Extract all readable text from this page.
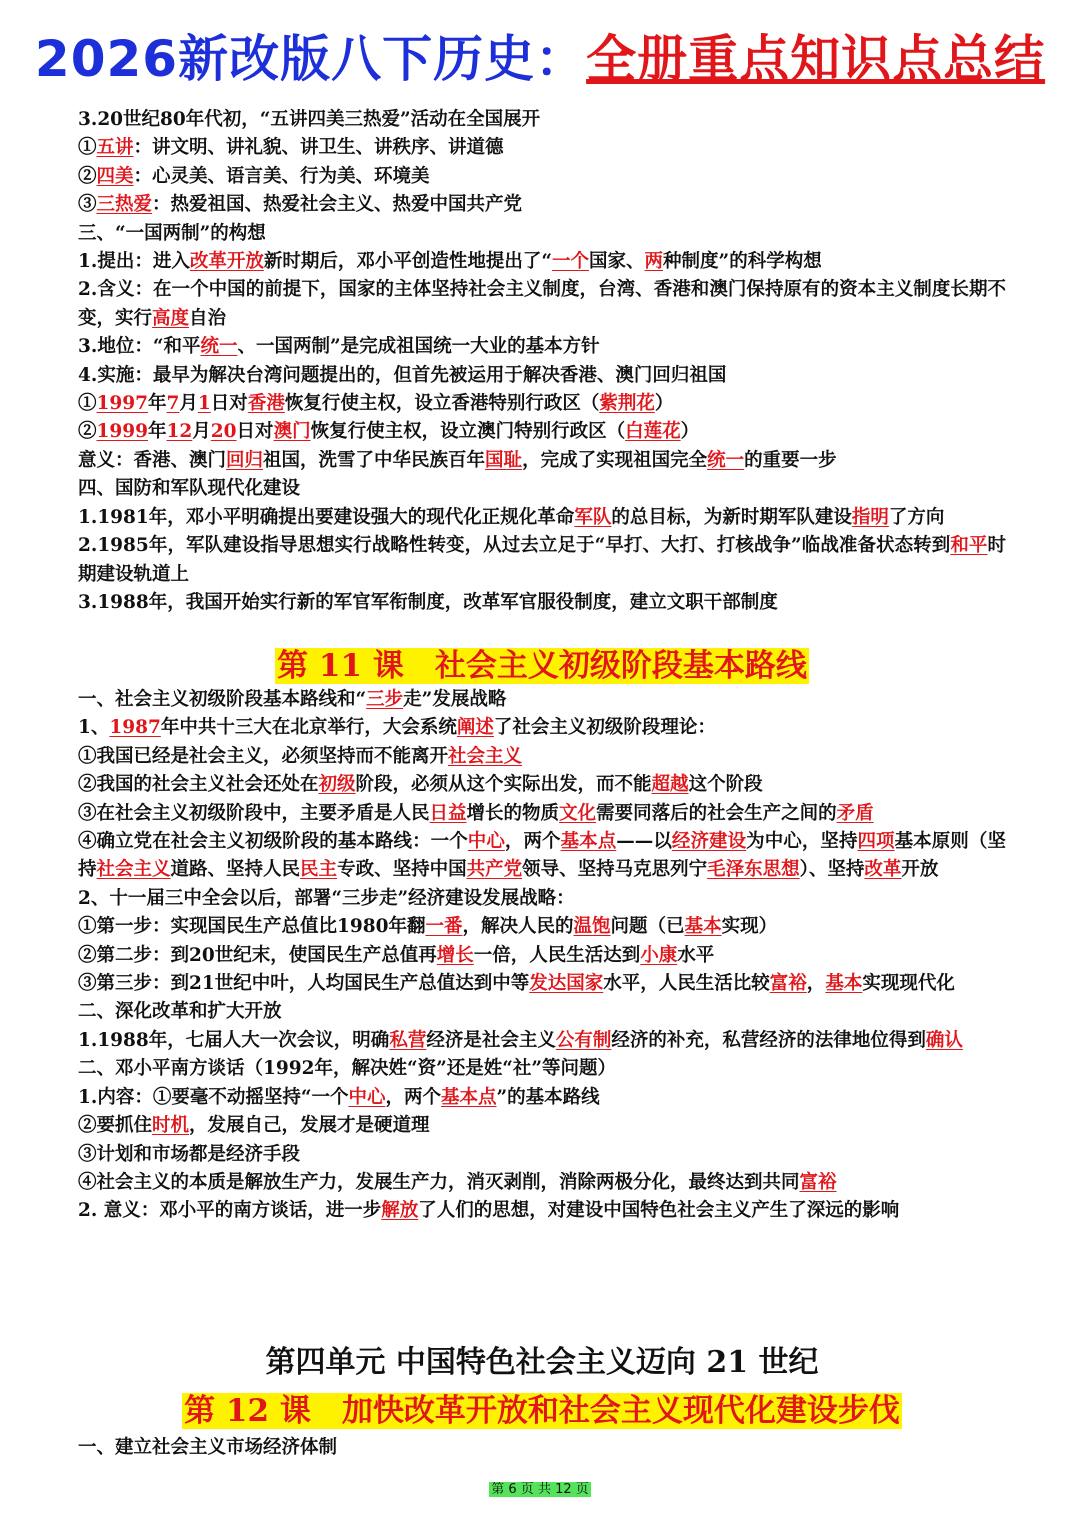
2026新改版八下历史：全册重点知识点总结

3.20世纪80年代初，“五讲四美三热爱”活动在全国展开

①五讲：讲文明、讲礼貌、讲卫生、讲秩序、讲道德

②四美：心灵美、语言美、行为美、环境美

③三热爱：热爱祖国、热爱社会主义、热爱中国共产党

三、“一国两制”的构想

1.提出：进入改革开放新时期后，邓小平创造性地提出了“一个国家、两种制度”的科学构想

2.含义：在一个中国的前提下，国家的主体坚持社会主义制度，台湾、香港和澳门保持原有的资本主义制度长期不变，实行高度自治

3.地位：“和平统一、一国两制”是完成祖国统一大业的基本方针

4.实施：最早为解决台湾问题提出的，但首先被运用于解决香港、澳门回归祖国

①1997年7月1日对香港恢复行使主权，设立香港特别行政区（紫荆花）

②1999年12月20日对澳门恢复行使主权，设立澳门特别行政区（白莲花）

意义：香港、澳门回归祖国，洗雪了中华民族百年国耻，完成了实现祖国完全统一的重要一步

四、国防和军队现代化建设

1.1981年，邓小平明确提出要建设强大的现代化正规化革命军队的总目标，为新时期军队建设指明了方向

2.1985年，军队建设指导思想实行战略性转变，从过去立足于“早打、大打、打核战争”临战准备状态转到和平时期建设轨道上

3.1988年，我国开始实行新的军官军衔制度，改革军官服役制度，建立文职干部制度

第 11 课　社会主义初级阶段基本路线

一、社会主义初级阶段基本路线和“三步走”发展战略

1、1987年中共十三大在北京举行，大会系统阐述了社会主义初级阶段理论：

①我国已经是社会主义，必须坚持而不能离开社会主义

②我国的社会主义社会还处在初级阶段，必须从这个实际出发，而不能超越这个阶段

③在社会主义初级阶段中，主要矛盾是人民日益增长的物质文化需要同落后的社会生产之间的矛盾

④确立党在社会主义初级阶段的基本路线：一个中心，两个基本点——以经济建设为中心，坚持四项基本原则（坚持社会主义道路、坚持人民民主专政、坚持中国共产党领导、坚持马克思列宁毛泽东思想）、坚持改革开放

2、十一届三中全会以后，部署“三步走”经济建设发展战略：

①第一步：实现国民生产总值比1980年翻一番，解决人民的温饱问题（已基本实现）

②第二步：到20世纪末，使国民生产总值再增长一倍，人民生活达到小康水平

③第三步：到21世纪中叶，人均国民生产总值达到中等发达国家水平，人民生活比较富裕，基本实现现代化

二、深化改革和扩大开放

1.1988年，七届人大一次会议，明确私营经济是社会主义公有制经济的补充，私营经济的法律地位得到确认

二、邓小平南方谈话（1992年，解决姓“资”还是姓“社”等问题）

1.内容：①要毫不动摇坚持“一个中心，两个基本点”的基本路线

②要抓住时机，发展自己，发展才是硬道理

③计划和市场都是经济手段

④社会主义的本质是解放生产力，发展生产力，消灭剥削，消除两极分化，最终达到共同富裕

2. 意义：邓小平的南方谈话，进一步解放了人们的思想，对建设中国特色社会主义产生了深远的影响

第四单元 中国特色社会主义迈向 21 世纪
第 12 课　加快改革开放和社会主义现代化建设步伐

一、建立社会主义市场经济体制

第 6 页 共 12 页
